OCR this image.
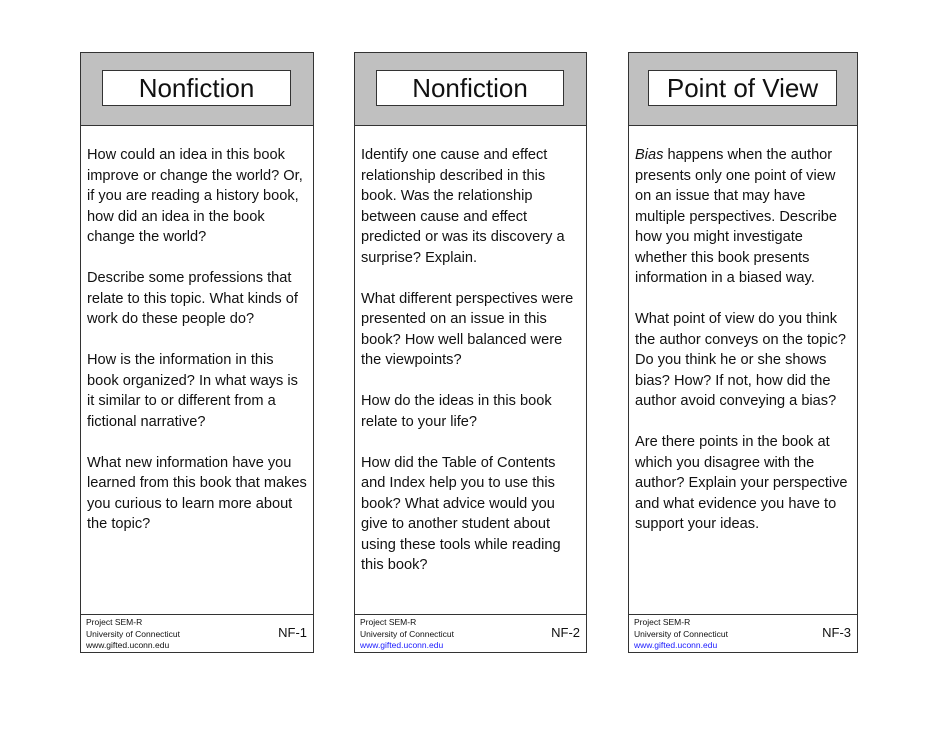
Nonfiction

How could an idea in this book improve or change the world? Or, if you are reading a history book, how did an idea in the book change the world?

Describe some professions that relate to this topic. What kinds of work do these people do?

How is the information in this book organized? In what ways is it similar to or different from a fictional narrative?

What new information have you learned from this book that makes you curious to learn more about the topic?

Project SEM-R
University of Connecticut
www.gifted.uconn.edu
NF-1
Nonfiction

Identify one cause and effect relationship described in this book. Was the relationship between cause and effect predicted or was its discovery a surprise? Explain.

What different perspectives were presented on an issue in this book? How well balanced were the viewpoints?

How do the ideas in this book relate to your life?

How did the Table of Contents and Index help you to use this book? What advice would you give to another student about using these tools while reading this book?

Project SEM-R
University of Connecticut
www.gifted.uconn.edu
NF-2
Point of View

Bias happens when the author presents only one point of view on an issue that may have multiple perspectives. Describe how you might investigate whether this book presents information in a biased way.

What point of view do you think the author conveys on the topic? Do you think he or she shows bias? How? If not, how did the author avoid conveying a bias?

Are there points in the book at which you disagree with the author? Explain your perspective and what evidence you have to support your ideas.

Project SEM-R
University of Connecticut
www.gifted.uconn.edu
NF-3
